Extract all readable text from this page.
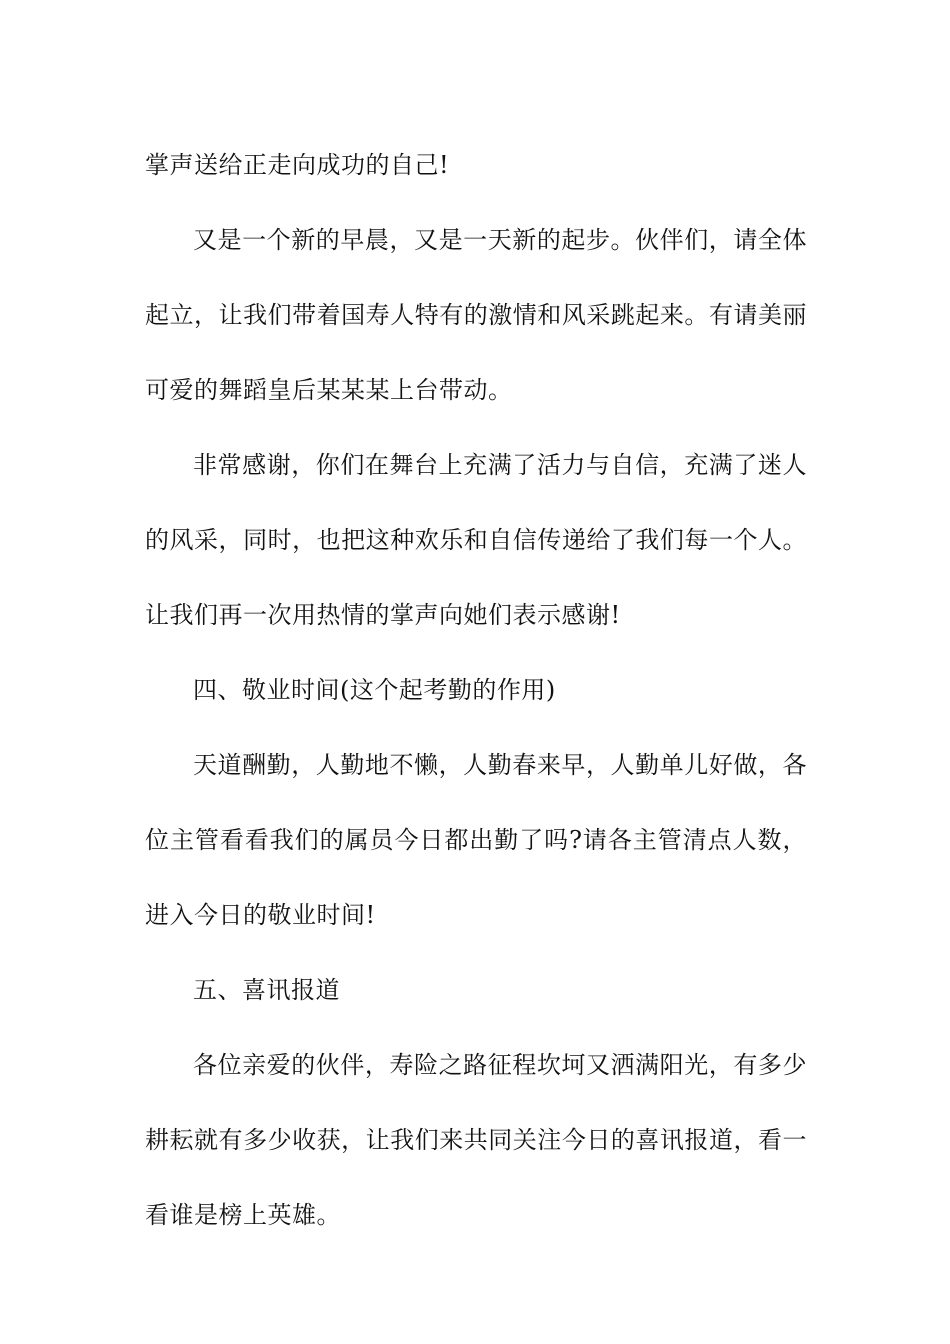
掌声送给正走向成功的自己!

又是一个新的早晨，又是一天新的起步。伙伴们，请全体起立，让我们带着国寿人特有的激情和风采跳起来。有请美丽可爱的舞蹈皇后某某某上台带动。

非常感谢，你们在舞台上充满了活力与自信，充满了迷人的风采，同时，也把这种欢乐和自信传递给了我们每一个人。让我们再一次用热情的掌声向她们表示感谢!

四、敬业时间(这个起考勤的作用)

天道酬勤，人勤地不懒，人勤春来早，人勤单儿好做，各位主管看看我们的属员今日都出勤了吗?请各主管清点人数，进入今日的敬业时间!

五、喜讯报道

各位亲爱的伙伴，寿险之路征程坎坷又洒满阳光，有多少耕耘就有多少收获，让我们来共同关注今日的喜讯报道，看一看谁是榜上英雄。
